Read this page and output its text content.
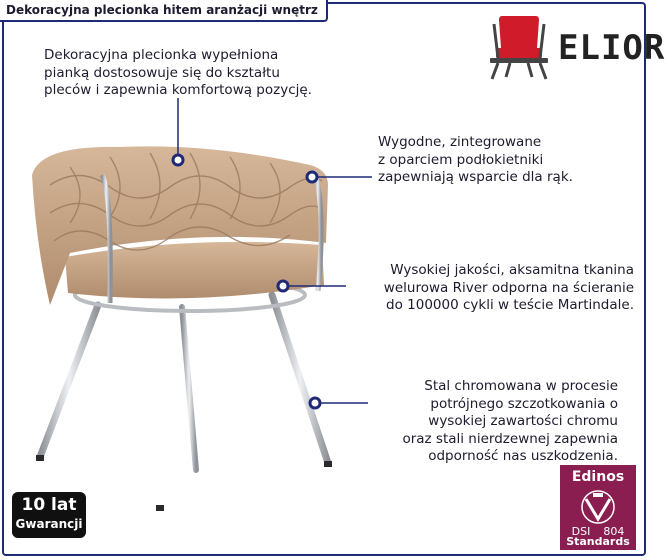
Dekoracyjna plecionka hitem aranżacji wnętrz
ELIOR
Dekoracyjna plecionka wypełniona
pianką dostosowuje się do kształtu
pleców i zapewnia komfortową pozycję.
Wygodne, zintegrowane
z oparciem podłokietniki
zapewniają wsparcie dla rąk.
Wysokiej jakości, aksamitna tkanina
welurowa River odporna na ścieranie
do 100000 cykli w teście Martindale.
Stal chromowana w procesie
potrójnego szczotkowania o
wysokiej zawartości chromu
oraz stali nierdzewnej zapewnia
odporność nas uszkodzenia.
10 lat
Gwarancji
Edinos
DSI 804
Standards
